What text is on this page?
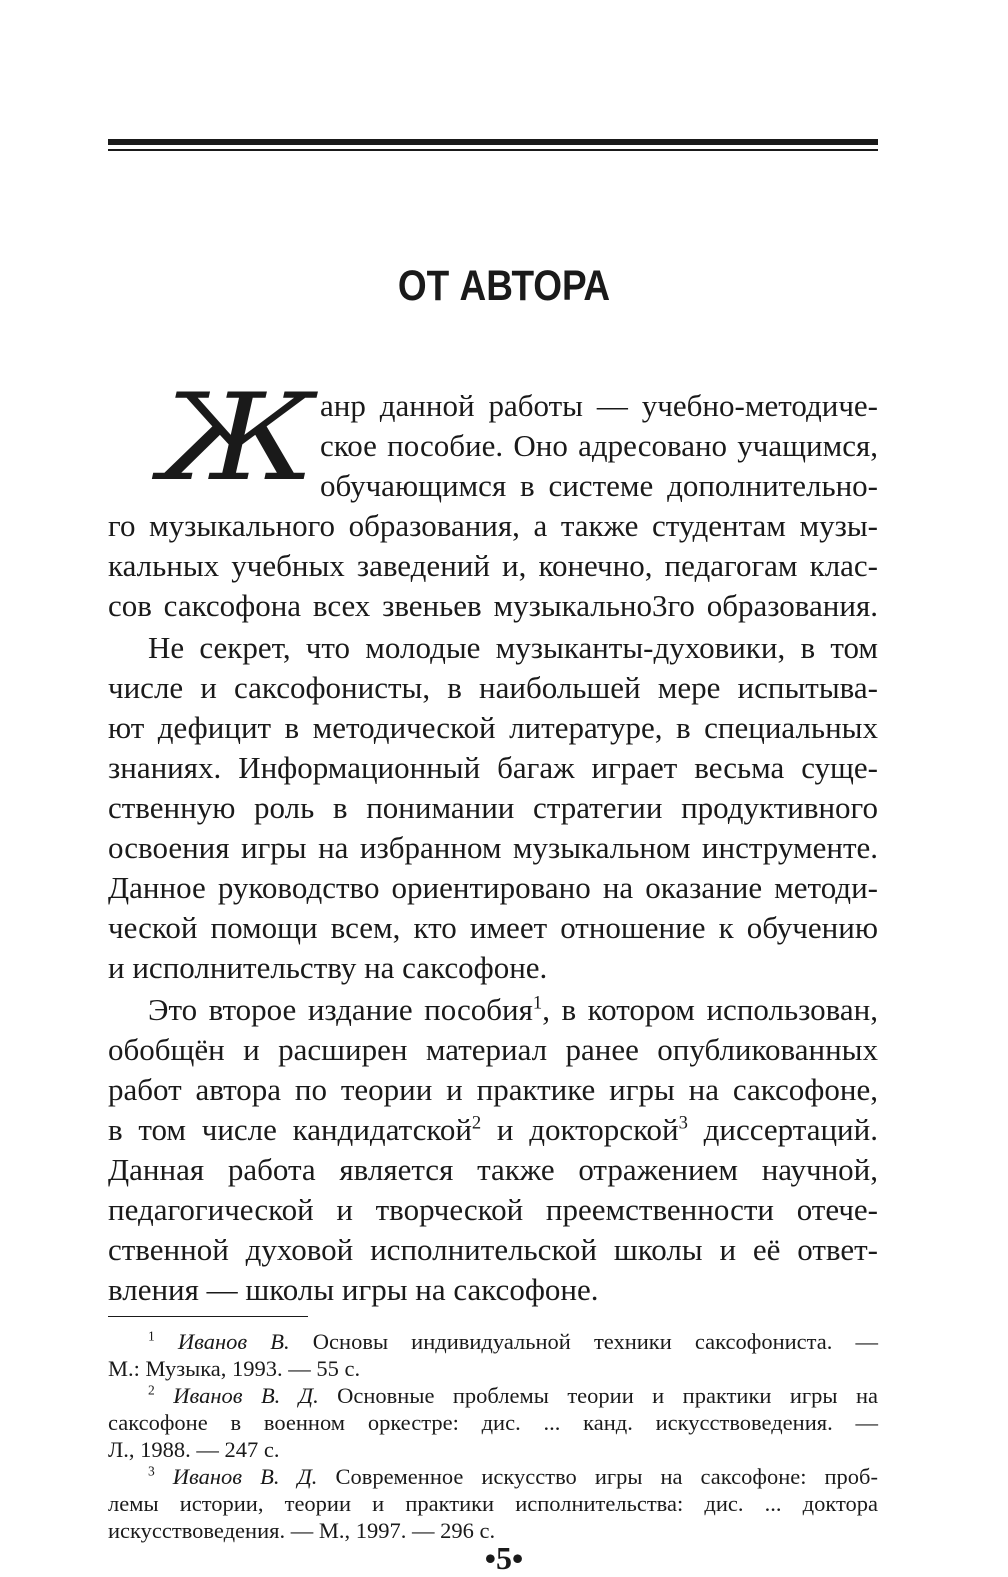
ОТ АВТОРА
Ж анр данной работы — учебно-методиче-
ское пособие. Оно адресовано учащимся,
обучающимся в системе дополнительно-
го музыкального образования, а также студентам музы-
кальных учебных заведений и, конечно, педагогам клас-
сов саксофона всех звеньев музыкально3го образования.
Не секрет, что молодые музыканты-духовики, в том
числе и саксофонисты, в наибольшей мере испытыва-
ют дефицит в методической литературе, в специальных
знаниях. Информационный багаж играет весьма суще-
ственную роль в понимании стратегии продуктивного
освоения игры на избранном музыкальном инструменте.
Данное руководство ориентировано на оказание методи-
ческой помощи всем, кто имеет отношение к обучению
и исполнительству на саксофоне.
Это второе издание пособия$^1$, в котором использован,
обобщён и расширен материал ранее опубликованных
работ автора по теории и практике игры на саксофоне,
в том числе кандидатской$^2$ и докторской$^3$ диссертаций.
Данная работа является также отражением научной,
педагогической и творческой преемственности отече-
ственной духовой исполнительской школы и её ответ-
вления — школы игры на саксофоне.
$^1$ Иванов В. Основы индивидуальной техники саксофониста. —
М.: Музыка, 1993. — 55 с.
$^2$ Иванов В. Д. Основные проблемы теории и практики игры на
саксофоне в военном оркестре: дис. ... канд. искусствоведения. —
Л., 1988. — 247 с.
$^3$ Иванов В. Д. Современное искусство игры на саксофоне: проб-
лемы истории, теории и практики исполнительства: дис. ... доктора
искусствоведения. — М., 1997. — 296 с.
•5•
